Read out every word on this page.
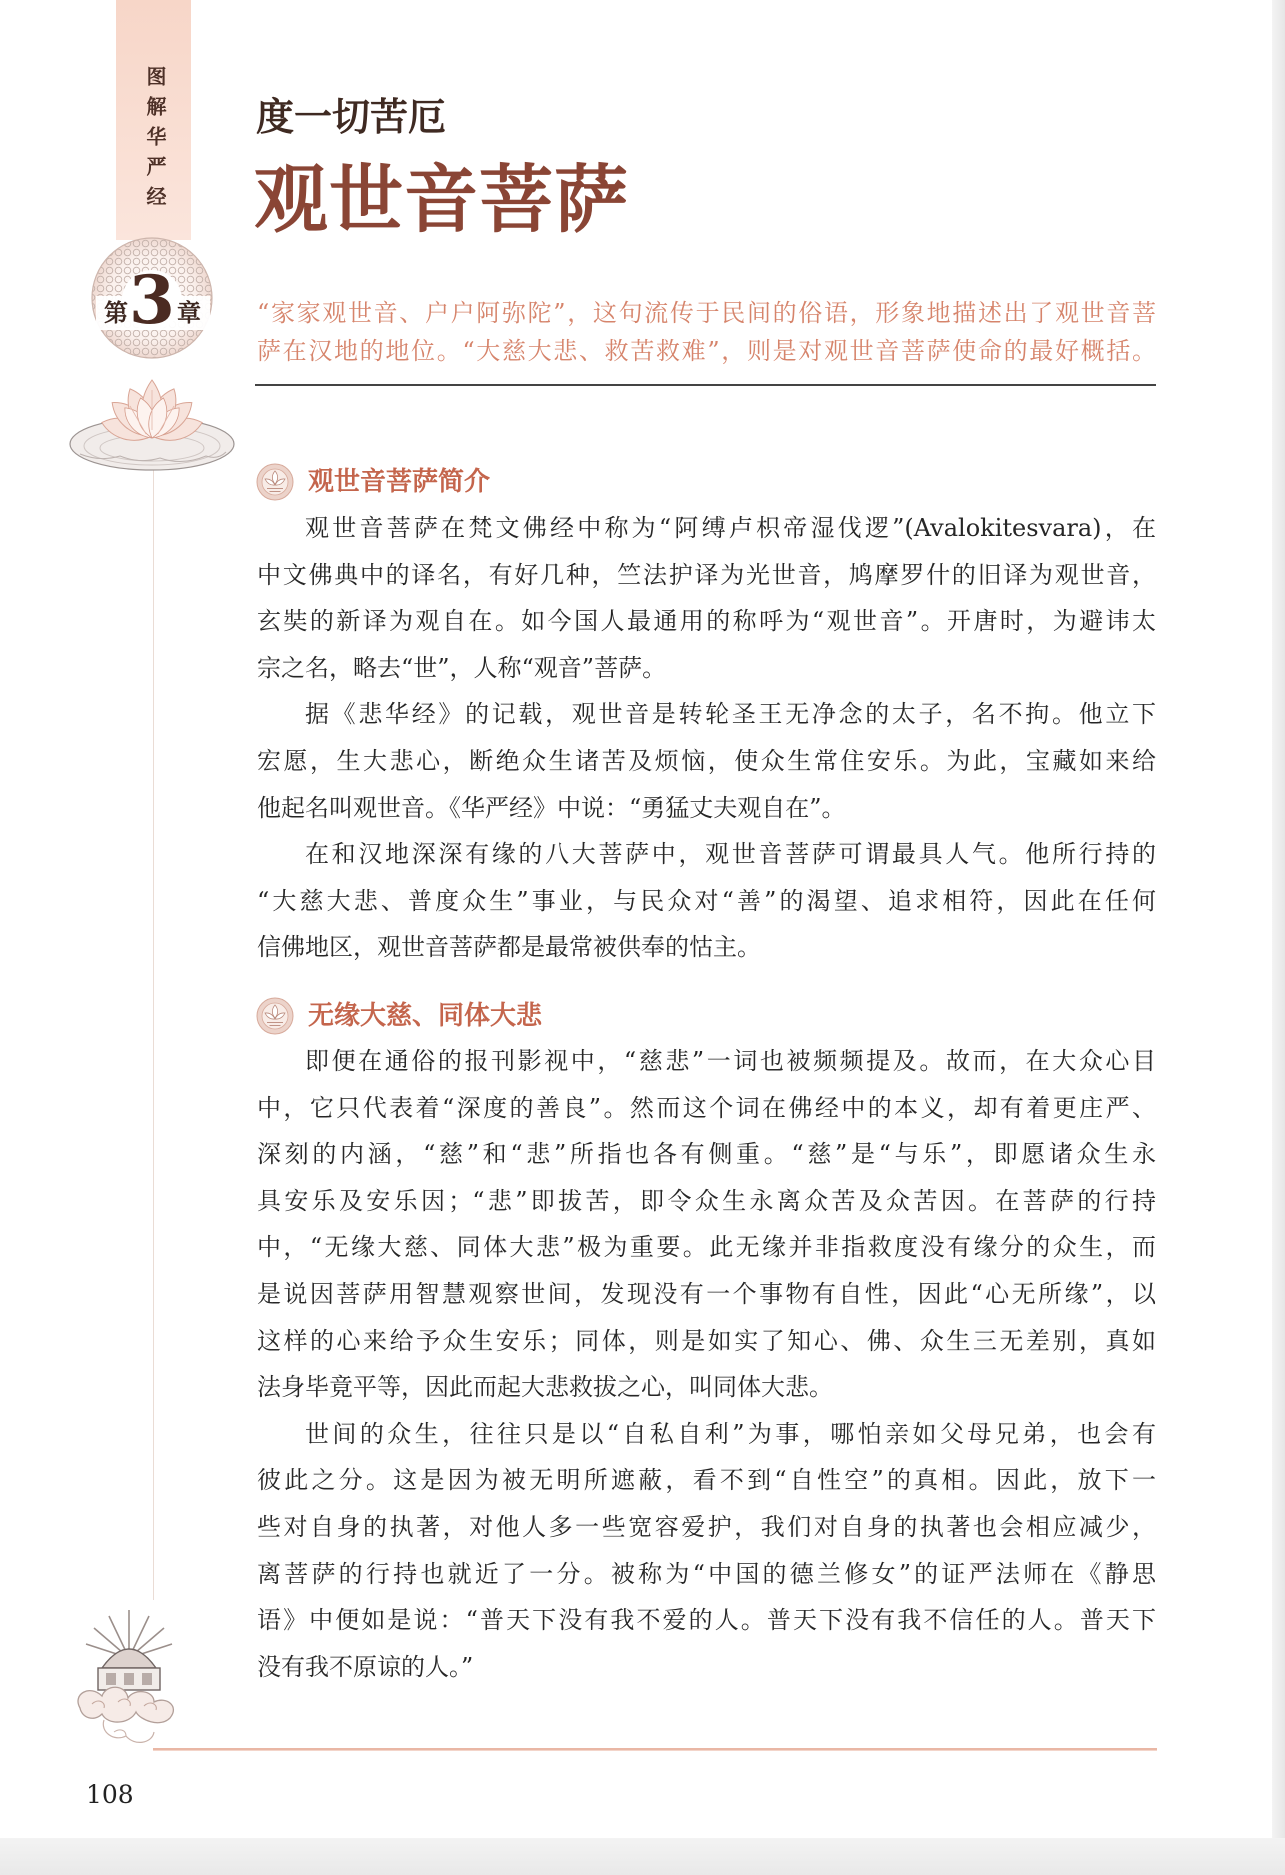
图解华严经
第 3 章
度一切苦厄
观世音菩萨
“家家观世音、户户阿弥陀”，这句流传于民间的俗语，形象地描述出了观世音菩
萨在汉地的地位。“大慈大悲、救苦救难”，则是对观世音菩萨使命的最好概括。
观世音菩萨简介
观世音菩萨在梵文佛经中称为“阿缚卢枳帝湿伐逻”(Avalokitesvara)，在
中文佛典中的译名，有好几种，竺法护译为光世音，鸠摩罗什的旧译为观世音，
玄奘的新译为观自在。如今国人最通用的称呼为“观世音”。开唐时，为避讳太
宗之名，略去“世”，人称“观音”菩萨。
据《悲华经》的记载，观世音是转轮圣王无净念的太子，名不拘。他立下
宏愿，生大悲心，断绝众生诸苦及烦恼，使众生常住安乐。为此，宝藏如来给
他起名叫观世音。《华严经》中说：“勇猛丈夫观自在”。
在和汉地深深有缘的八大菩萨中，观世音菩萨可谓最具人气。他所行持的
“大慈大悲、普度众生”事业，与民众对“善”的渴望、追求相符，因此在任何
信佛地区，观世音菩萨都是最常被供奉的怙主。
无缘大慈、同体大悲
即便在通俗的报刊影视中，“慈悲”一词也被频频提及。故而，在大众心目
中，它只代表着“深度的善良”。然而这个词在佛经中的本义，却有着更庄严、
深刻的内涵，“慈”和“悲”所指也各有侧重。“慈”是“与乐”，即愿诸众生永
具安乐及安乐因；“悲”即拔苦，即令众生永离众苦及众苦因。在菩萨的行持
中，“无缘大慈、同体大悲”极为重要。此无缘并非指救度没有缘分的众生，而
是说因菩萨用智慧观察世间，发现没有一个事物有自性，因此“心无所缘”，以
这样的心来给予众生安乐；同体，则是如实了知心、佛、众生三无差别，真如
法身毕竟平等，因此而起大悲救拔之心，叫同体大悲。
世间的众生，往往只是以“自私自利”为事，哪怕亲如父母兄弟，也会有
彼此之分。这是因为被无明所遮蔽，看不到“自性空”的真相。因此，放下一
些对自身的执著，对他人多一些宽容爱护，我们对自身的执著也会相应减少，
离菩萨的行持也就近了一分。被称为“中国的德兰修女”的证严法师在《静思
语》中便如是说：“普天下没有我不爱的人。普天下没有我不信任的人。普天下
没有我不原谅的人。”
108
